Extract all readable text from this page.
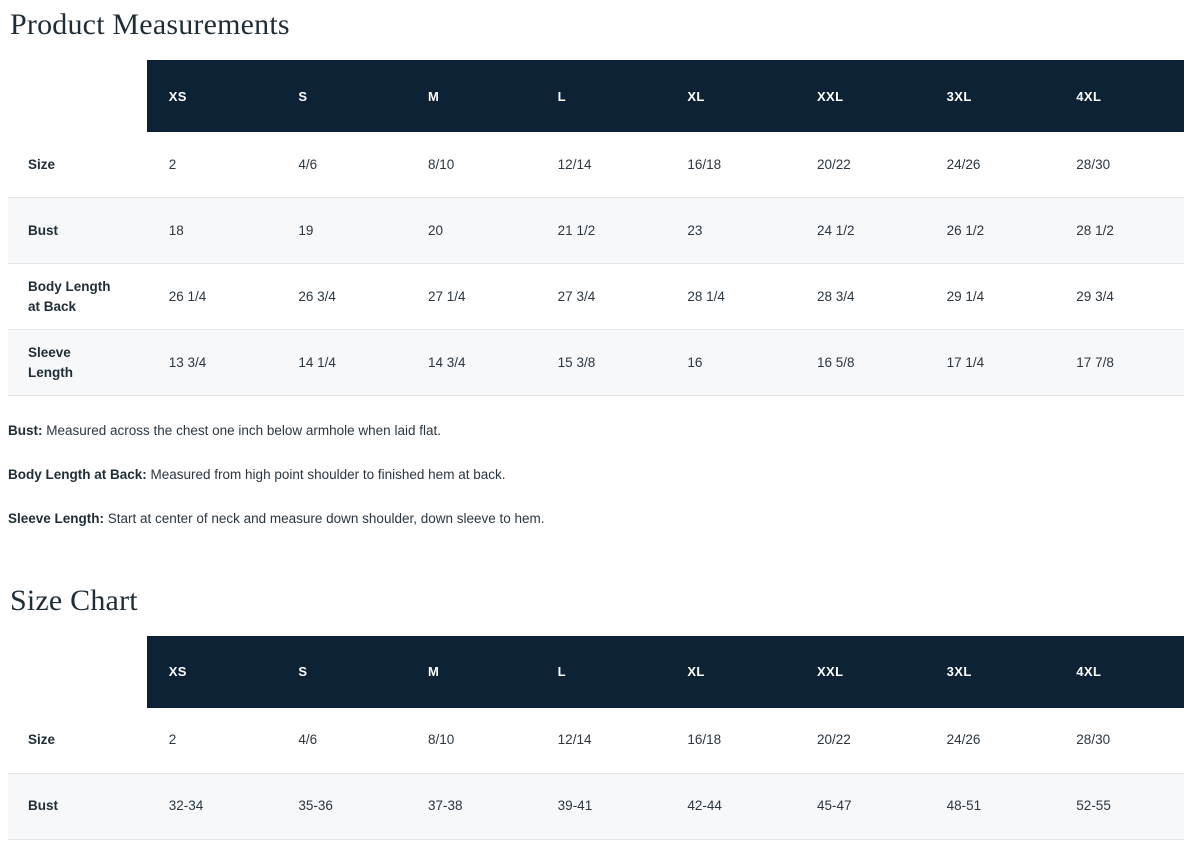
Product Measurements
	XS	S	M	L	XL	XXL	3XL	4XL

Size	2	4/6	8/10	12/14	16/18	20/22	24/26	28/30

Bust	18	19	20	21 1/2	23	24 1/2	26 1/2	28 1/2

Body Length
at Back	26 1/4	26 3/4	27 1/4	27 3/4	28 1/4	28 3/4	29 1/4	29 3/4

Sleeve
Length	13 3/4	14 1/4	14 3/4	15 3/8	16	16 5/8	17 1/4	17 7/8

Bust: Measured across the chest one inch below armhole when laid flat.

Body Length at Back: Measured from high point shoulder to finished hem at back.

Sleeve Length: Start at center of neck and measure down shoulder, down sleeve to hem.

Size Chart
	XS	S	M	L	XL	XXL	3XL	4XL

Size	2	4/6	8/10	12/14	16/18	20/22	24/26	28/30

Bust	32-34	35-36	37-38	39-41	42-44	45-47	48-51	52-55
